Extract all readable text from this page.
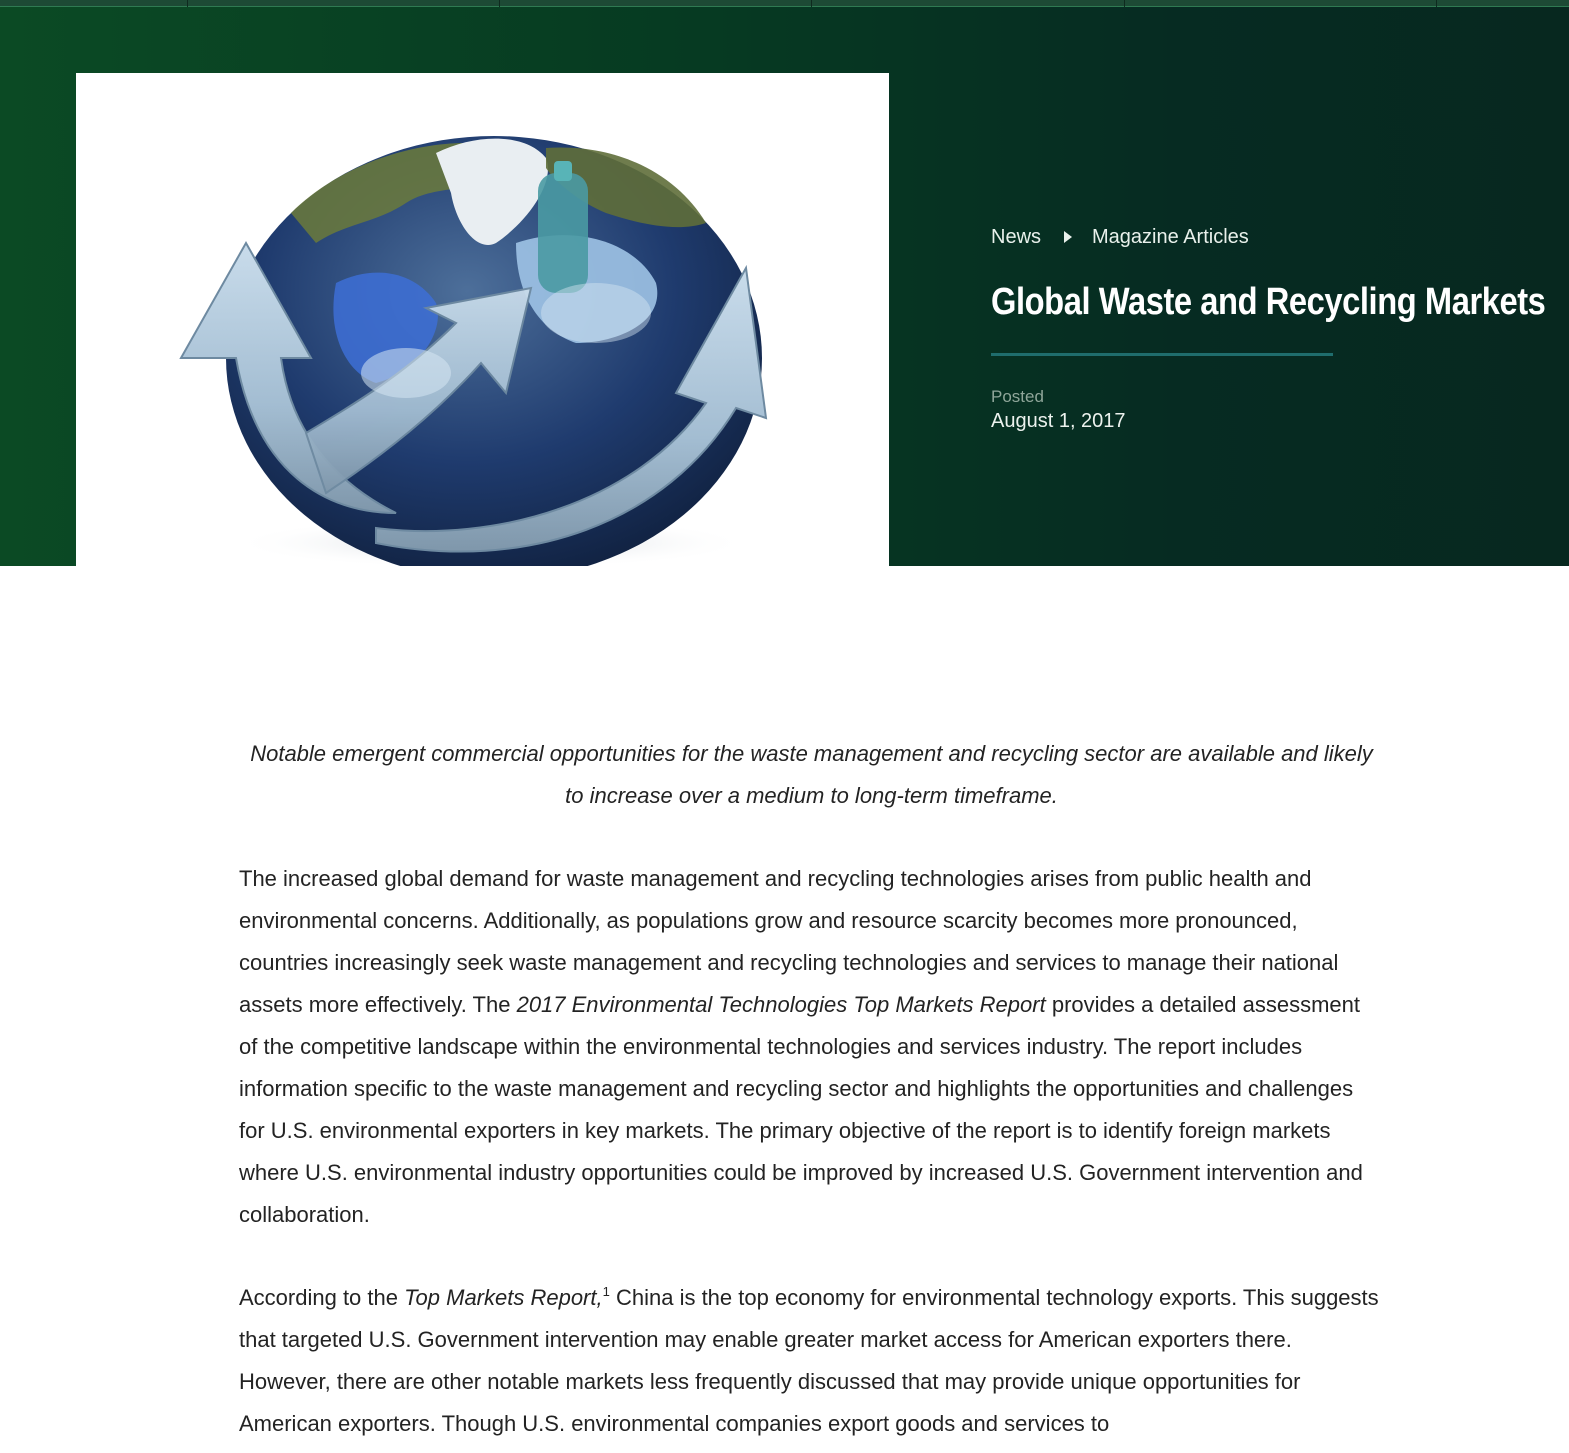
News	Magazine Articles
Global Waste and Recycling Markets
Posted
August 1, 2017

Notable emergent commercial opportunities for the waste management and recycling sector are available and likely to increase over a medium to long-term timeframe.

The increased global demand for waste management and recycling technologies arises from public health and environmental concerns. Additionally, as populations grow and resource scarcity becomes more pronounced, countries increasingly seek waste management and recycling technologies and services to manage their national assets more effectively. The 2017 Environmental Technologies Top Markets Report provides a detailed assessment of the competitive landscape within the environmental technologies and services industry. The report includes information specific to the waste management and recycling sector and highlights the opportunities and challenges for U.S. environmental exporters in key markets. The primary objective of the report is to identify foreign markets where U.S. environmental industry opportunities could be improved by increased U.S. Government intervention and collaboration.

According to the Top Markets Report,$^1$ China is the top economy for environmental technology exports. This suggests that targeted U.S. Government intervention may enable greater market access for American exporters there. However, there are other notable markets less frequently discussed that may provide unique opportunities for American exporters. Though U.S. environmental companies export goods and services to
